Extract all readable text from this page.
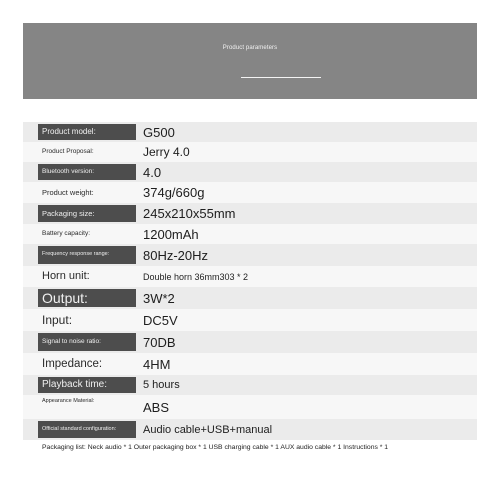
Product parameters
Product model:	G500
Product Proposal:	Jerry 4.0
Bluetooth version:	4.0
Product weight:	374g/660g
Packaging size:	245x210x55mm
Battery capacity:	1200mAh
Frequency response range:	80Hz-20Hz
Horn unit:	Double horn 36mm303 * 2
Output:	3W*2
Input:	DC5V
Signal to noise ratio:	70DB
Impedance:	4HM
Playback time:	5 hours
Appearance Material:	ABS
Official standard configuration:	Audio cable+USB+manual
Packaging list: Neck audio * 1 Outer packaging box * 1 USB charging cable * 1 AUX audio cable * 1 Instructions * 1
